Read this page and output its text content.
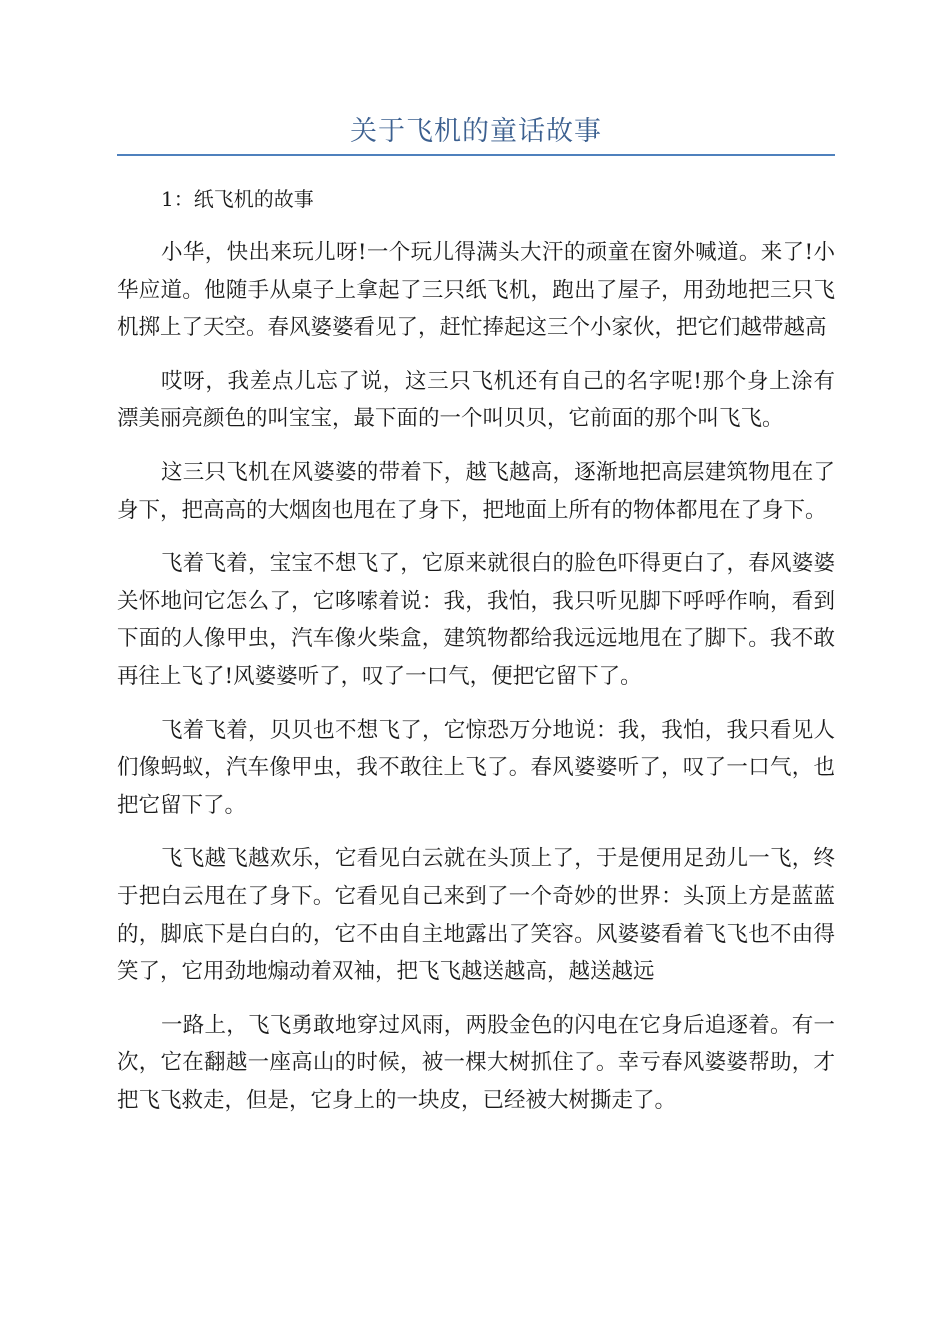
关于飞机的童话故事

1：纸飞机的故事

小华，快出来玩儿呀!一个玩儿得满头大汗的顽童在窗外喊道。来了!小华应道。他随手从桌子上拿起了三只纸飞机，跑出了屋子，用劲地把三只飞机掷上了天空。春风婆婆看见了，赶忙捧起这三个小家伙，把它们越带越高

哎呀，我差点儿忘了说，这三只飞机还有自己的名字呢!那个身上涂有漂美丽亮颜色的叫宝宝，最下面的一个叫贝贝，它前面的那个叫飞飞。

这三只飞机在风婆婆的带着下，越飞越高，逐渐地把高层建筑物甩在了身下，把高高的大烟囱也甩在了身下，把地面上所有的物体都甩在了身下。

飞着飞着，宝宝不想飞了，它原来就很白的脸色吓得更白了，春风婆婆关怀地问它怎么了，它哆嗦着说：我，我怕，我只听见脚下呼呼作响，看到下面的人像甲虫，汽车像火柴盒，建筑物都给我远远地甩在了脚下。我不敢再往上飞了!风婆婆听了，叹了一口气，便把它留下了。

飞着飞着，贝贝也不想飞了，它惊恐万分地说：我，我怕，我只看见人们像蚂蚁，汽车像甲虫，我不敢往上飞了。春风婆婆听了，叹了一口气，也把它留下了。

飞飞越飞越欢乐，它看见白云就在头顶上了，于是便用足劲儿一飞，终于把白云甩在了身下。它看见自己来到了一个奇妙的世界：头顶上方是蓝蓝的，脚底下是白白的，它不由自主地露出了笑容。风婆婆看着飞飞也不由得笑了，它用劲地煽动着双袖，把飞飞越送越高，越送越远

一路上，飞飞勇敢地穿过风雨，两股金色的闪电在它身后追逐着。有一次，它在翻越一座高山的时候，被一棵大树抓住了。幸亏春风婆婆帮助，才把飞飞救走，但是，它身上的一块皮，已经被大树撕走了。
